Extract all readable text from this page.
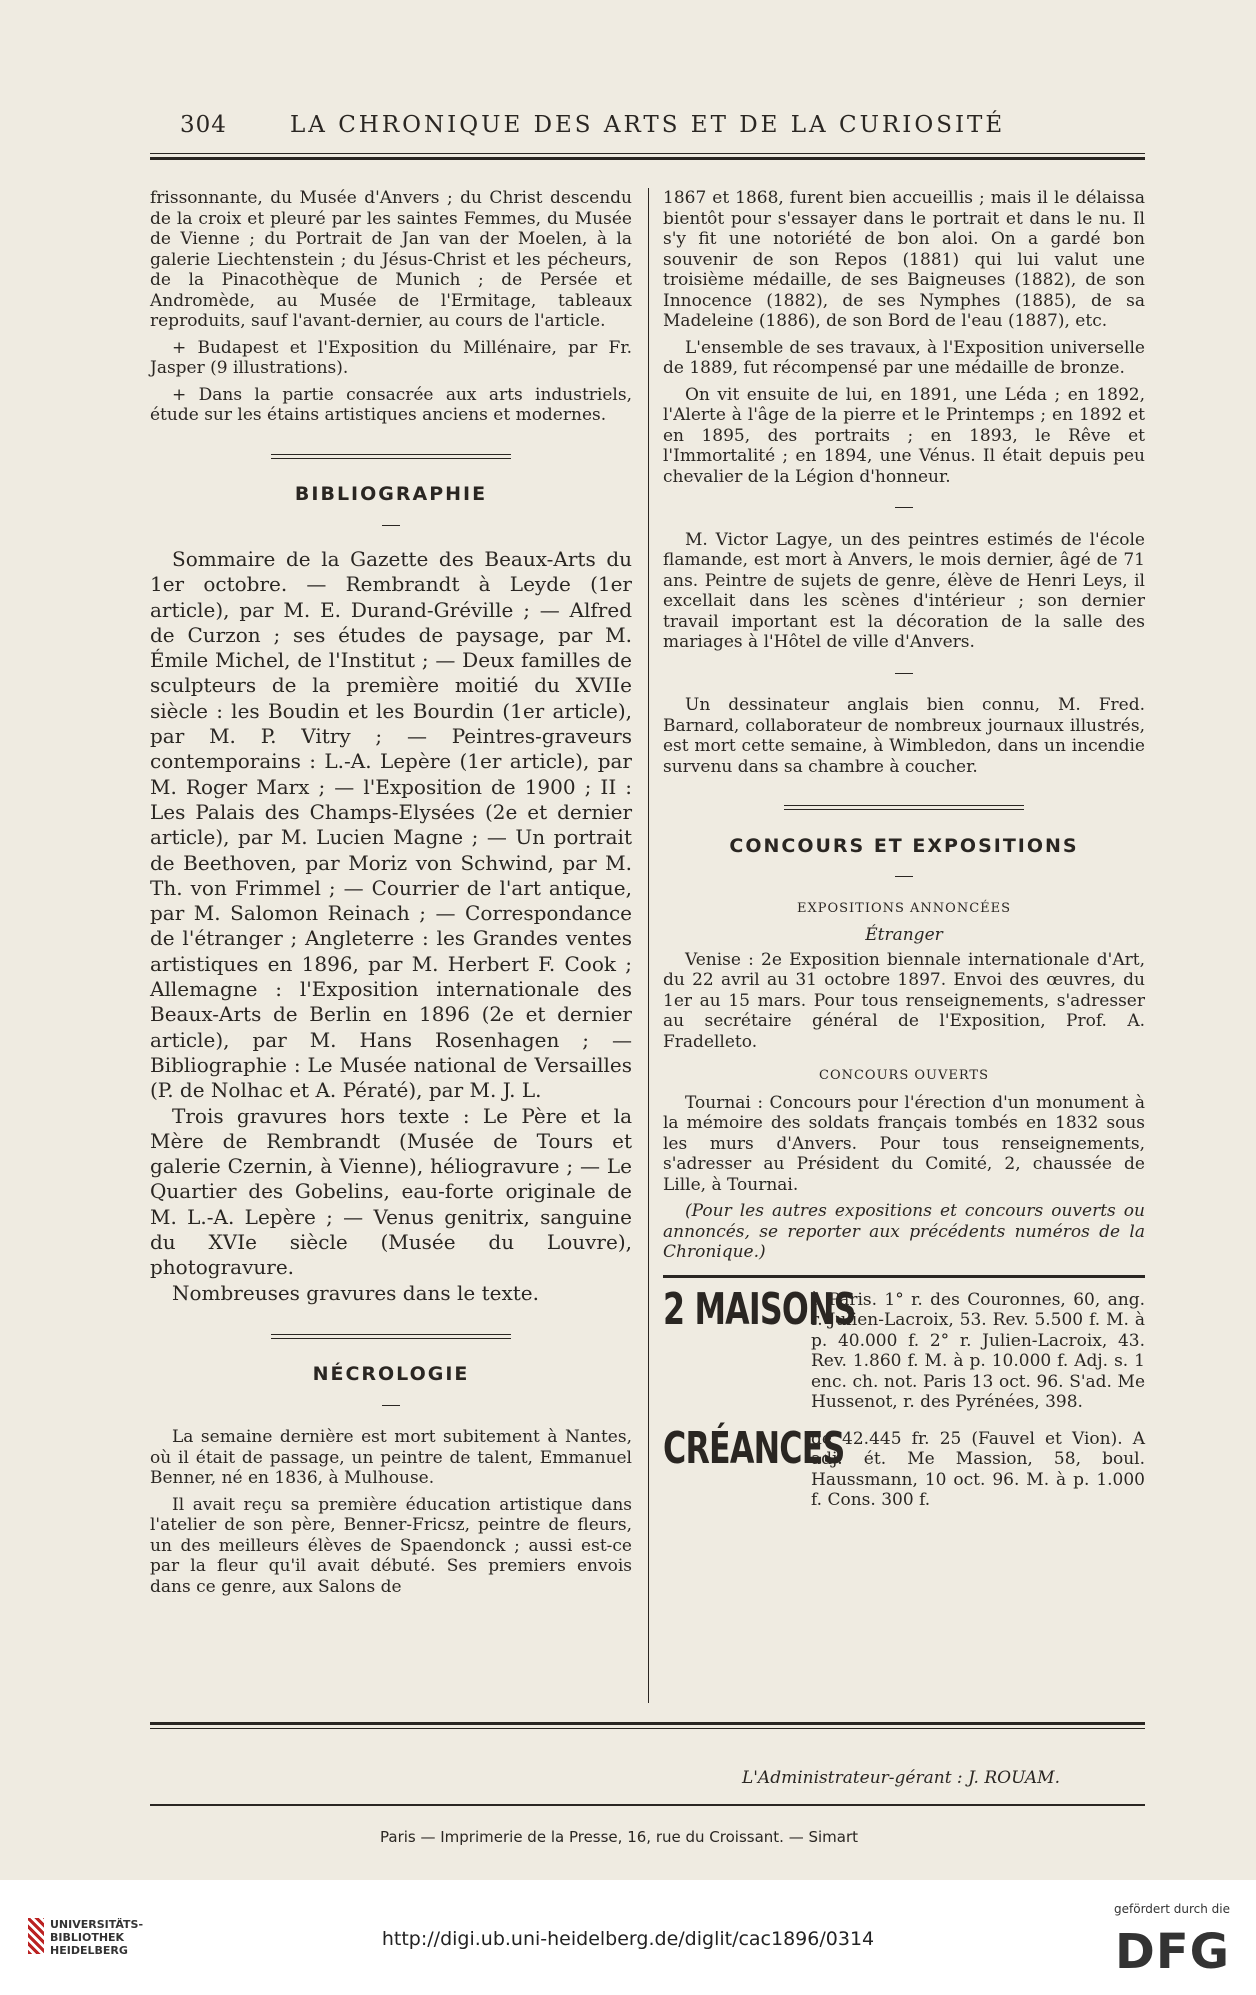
304	LA CHRONIQUE DES ARTS ET DE LA CURIOSITÉ

frissonnante, du Musée d'Anvers ; du Christ descendu de la croix et pleuré par les saintes Femmes, du Musée de Vienne ; du Portrait de Jan van der Moelen, à la galerie Liechtenstein ; du Jésus-Christ et les pécheurs, de la Pinacothèque de Munich ; de Persée et Andromède, au Musée de l'Ermitage, tableaux reproduits, sauf l'avant-dernier, au cours de l'article.

+ Budapest et l'Exposition du Millénaire, par Fr. Jasper (9 illustrations).

+ Dans la partie consacrée aux arts industriels, étude sur les étains artistiques anciens et modernes.

BIBLIOGRAPHIE

Sommaire de la Gazette des Beaux-Arts du 1er octobre. — Rembrandt à Leyde (1er article), par M. E. Durand-Gréville ; — Alfred de Curzon ; ses études de paysage, par M. Émile Michel, de l'Institut ; — Deux familles de sculpteurs de la première moitié du XVIIe siècle : les Boudin et les Bourdin (1er article), par M. P. Vitry ; — Peintres-graveurs contemporains : L.-A. Lepère (1er article), par M. Roger Marx ; — l'Exposition de 1900 ; II : Les Palais des Champs-Elysées (2e et dernier article), par M. Lucien Magne ; — Un portrait de Beethoven, par Moriz von Schwind, par M. Th. von Frimmel ; — Courrier de l'art antique, par M. Salomon Reinach ; — Correspondance de l'étranger ; Angleterre : les Grandes ventes artistiques en 1896, par M. Herbert F. Cook ; Allemagne : l'Exposition internationale des Beaux-Arts de Berlin en 1896 (2e et dernier article), par M. Hans Rosenhagen ; — Bibliographie : Le Musée national de Versailles (P. de Nolhac et A. Pératé), par M. J. L.

Trois gravures hors texte : Le Père et la Mère de Rembrandt (Musée de Tours et galerie Czernin, à Vienne), héliogravure ; — Le Quartier des Gobelins, eau-forte originale de M. L.-A. Lepère ; — Venus genitrix, sanguine du XVIe siècle (Musée du Louvre), photogravure.

Nombreuses gravures dans le texte.

NÉCROLOGIE

La semaine dernière est mort subitement à Nantes, où il était de passage, un peintre de talent, Emmanuel Benner, né en 1836, à Mulhouse.

Il avait reçu sa première éducation artistique dans l'atelier de son père, Benner-Fricsz, peintre de fleurs, un des meilleurs élèves de Spaendonck ; aussi est-ce par la fleur qu'il avait débuté. Ses premiers envois dans ce genre, aux Salons de

1867 et 1868, furent bien accueillis ; mais il le délaissa bientôt pour s'essayer dans le portrait et dans le nu. Il s'y fit une notoriété de bon aloi. On a gardé bon souvenir de son Repos (1881) qui lui valut une troisième médaille, de ses Baigneuses (1882), de son Innocence (1882), de ses Nymphes (1885), de sa Madeleine (1886), de son Bord de l'eau (1887), etc.

L'ensemble de ses travaux, à l'Exposition universelle de 1889, fut récompensé par une médaille de bronze.

On vit ensuite de lui, en 1891, une Léda ; en 1892, l'Alerte à l'âge de la pierre et le Printemps ; en 1892 et en 1895, des portraits ; en 1893, le Rêve et l'Immortalité ; en 1894, une Vénus. Il était depuis peu chevalier de la Légion d'honneur.

M. Victor Lagye, un des peintres estimés de l'école flamande, est mort à Anvers, le mois dernier, âgé de 71 ans. Peintre de sujets de genre, élève de Henri Leys, il excellait dans les scènes d'intérieur ; son dernier travail important est la décoration de la salle des mariages à l'Hôtel de ville d'Anvers.

Un dessinateur anglais bien connu, M. Fred. Barnard, collaborateur de nombreux journaux illustrés, est mort cette semaine, à Wimbledon, dans un incendie survenu dans sa chambre à coucher.

CONCOURS ET EXPOSITIONS
EXPOSITIONS ANNONCÉES
Étranger

Venise : 2e Exposition biennale internationale d'Art, du 22 avril au 31 octobre 1897. Envoi des œuvres, du 1er au 15 mars. Pour tous renseignements, s'adresser au secrétaire général de l'Exposition, Prof. A. Fradelleto.

CONCOURS OUVERTS

Tournai : Concours pour l'érection d'un monument à la mémoire des soldats français tombés en 1832 sous les murs d'Anvers. Pour tous renseignements, s'adresser au Président du Comité, 2, chaussée de Lille, à Tournai.

(Pour les autres expositions et concours ouverts ou annoncés, se reporter aux précédents numéros de la Chronique.)

2 MAISONS
à Paris. 1° r. des Couronnes, 60, ang. r. Julien-Lacroix, 53. Rev. 5.500 f. M. à p. 40.000 f. 2° r. Julien-Lacroix, 43. Rev. 1.860 f. M. à p. 10.000 f. Adj. s. 1 enc. ch. not. Paris 13 oct. 96. S'ad. Me Hussenot, r. des Pyrénées, 398.
CRÉANCES
de 42.445 fr. 25 (Fauvel et Vion). A adj. ét. Me Massion, 58, boul. Haussmann, 10 oct. 96. M. à p. 1.000 f. Cons. 300 f.
L'Administrateur-gérant : J. ROUAM.
Paris — Imprimerie de la Presse, 16, rue du Croissant. — Simart
UNIVERSITÄTS-
BIBLIOTHEK
HEIDELBERG
http://digi.ub.uni-heidelberg.de/diglit/cac1896/0314
gefördert durch die
DFG
